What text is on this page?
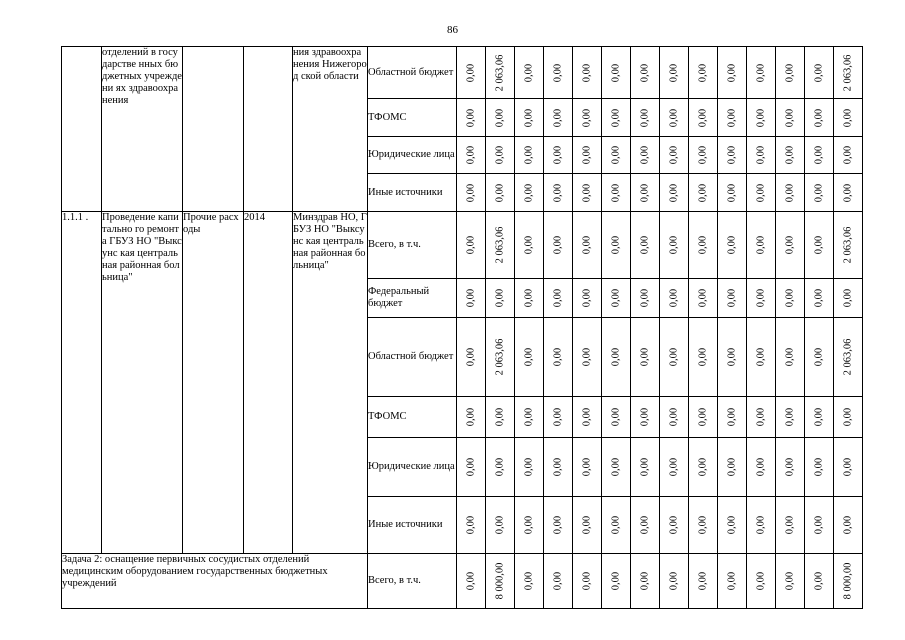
86
	отделений в государстве нных бюджетных учреждени ях здравоохра нения			ния здравоохра нения Нижегород ской области	Областной бюджет	0,00	2 063,06	0,00	0,00	0,00	0,00	0,00	0,00	0,00	0,00	0,00	0,00	0,00	2 063,06

					ТФОМС	0,00	0,00	0,00	0,00	0,00	0,00	0,00	0,00	0,00	0,00	0,00	0,00	0,00	0,00

					Юридические лица	0,00	0,00	0,00	0,00	0,00	0,00	0,00	0,00	0,00	0,00	0,00	0,00	0,00	0,00

					Иные источники	0,00	0,00	0,00	0,00	0,00	0,00	0,00	0,00	0,00	0,00	0,00	0,00	0,00	0,00

1.1.1 .	Проведение капитально го ремонта ГБУЗ НО "Выксунс кая центральная районная больница"	Прочие расходы	2014	Минздрав НО, ГБУЗ НО "Выксунс кая централь ная районная больница"	Всего, в т.ч.	0,00	2 063,06	0,00	0,00	0,00	0,00	0,00	0,00	0,00	0,00	0,00	0,00	0,00	2 063,06

					Федеральный бюджет	0,00	0,00	0,00	0,00	0,00	0,00	0,00	0,00	0,00	0,00	0,00	0,00	0,00	0,00

					Областной бюджет	0,00	2 063,06	0,00	0,00	0,00	0,00	0,00	0,00	0,00	0,00	0,00	0,00	0,00	2 063,06

					ТФОМС	0,00	0,00	0,00	0,00	0,00	0,00	0,00	0,00	0,00	0,00	0,00	0,00	0,00	0,00

					Юридические лица	0,00	0,00	0,00	0,00	0,00	0,00	0,00	0,00	0,00	0,00	0,00	0,00	0,00	0,00

					Иные источники	0,00	0,00	0,00	0,00	0,00	0,00	0,00	0,00	0,00	0,00	0,00	0,00	0,00	0,00

Задача 2: оснащение первичных сосудистых отделений медицинским оборудованием государственных бюджетных учреждений					Всего, в т.ч.	0,00	8 000,00	0,00	0,00	0,00	0,00	0,00	0,00	0,00	0,00	0,00	0,00	0,00	8 000,00
